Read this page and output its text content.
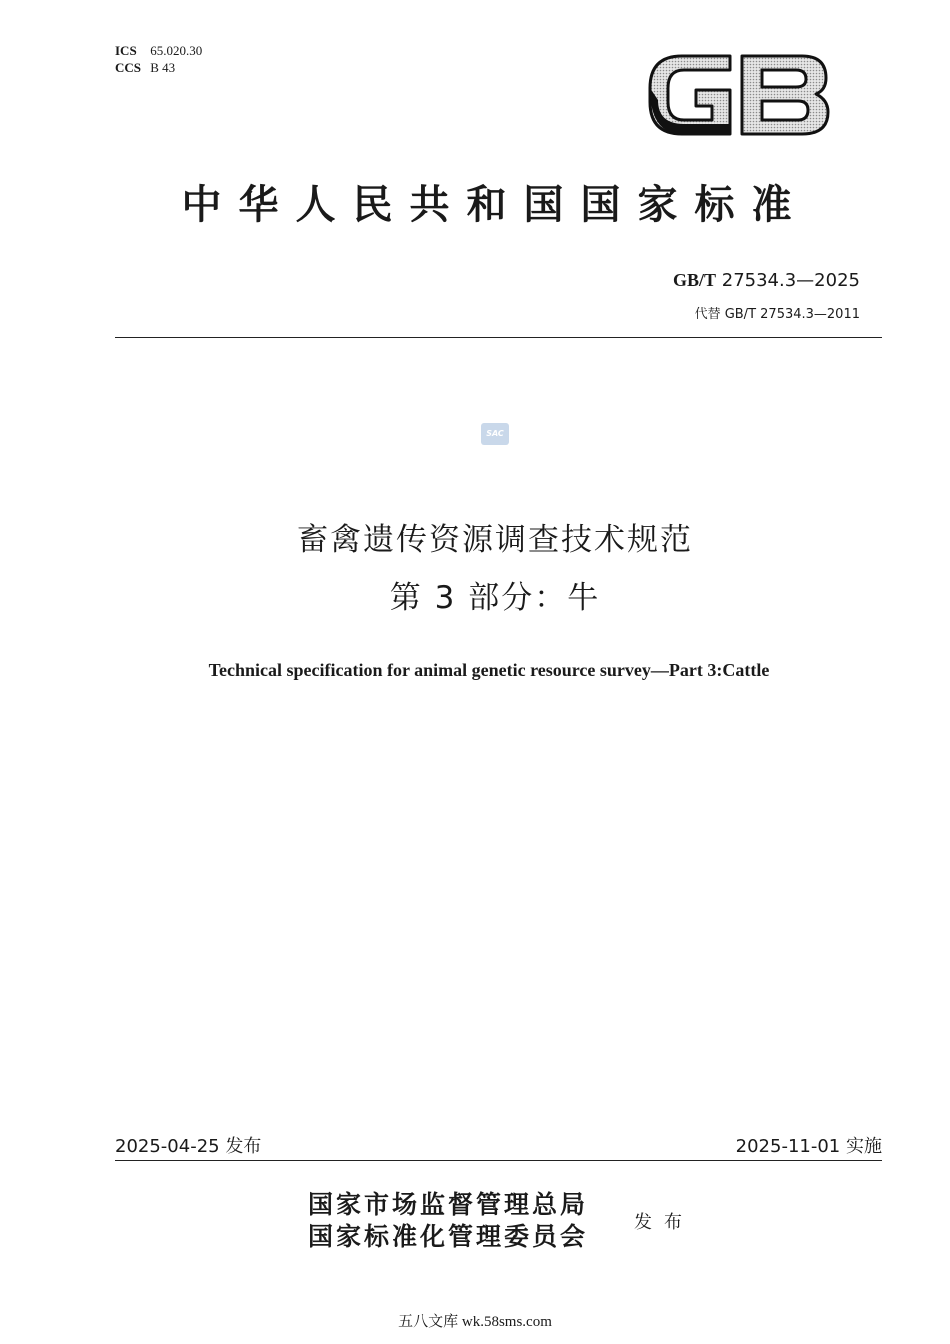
ICS 65.020.30
CCS B 43
GB
中华人民共和国国家标准
GB/T 27534.3—2025
代替 GB/T 27534.3—2011
SAC
畜禽遗传资源调查技术规范
第 3 部分：牛
Technical specification for animal genetic resource survey—Part 3:Cattle
2025-04-25 发布	2025-11-01 实施
国家市场监督管理总局
国家标准化管理委员会
发布
五八文库 wk.58sms.com
